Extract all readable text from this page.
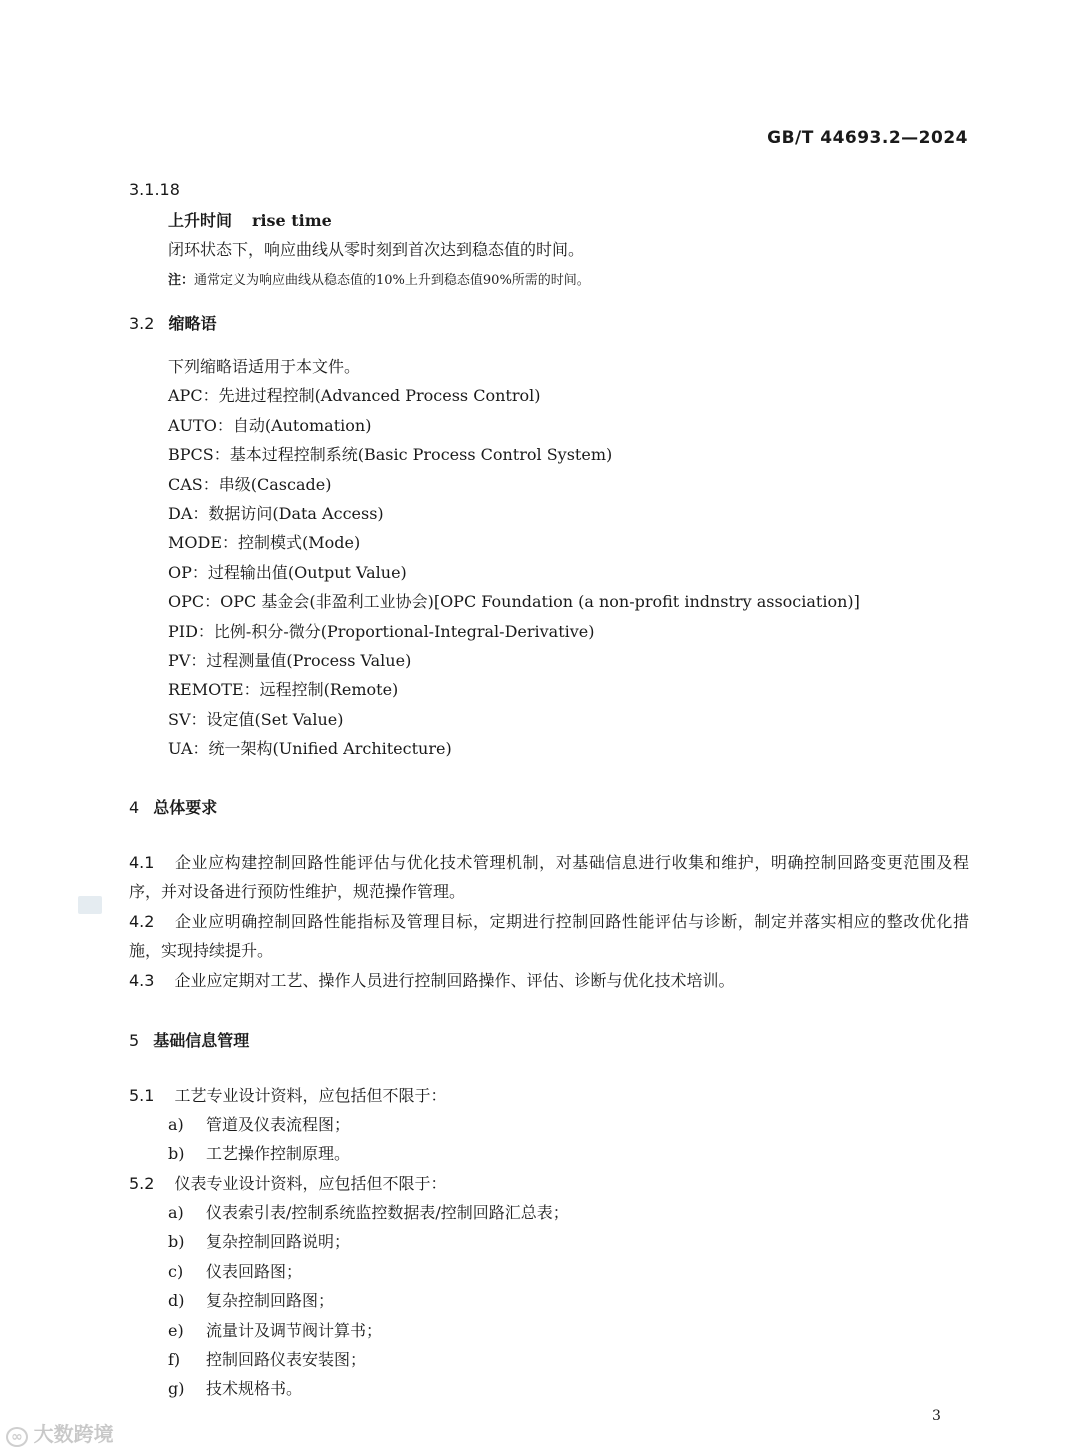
GB/T 44693.2—2024
3.1.18
上升时间 rise time
闭环状态下，响应曲线从零时刻到首次达到稳态值的时间。
注：通常定义为响应曲线从稳态值的10%上升到稳态值90%所需的时间。
3.2 缩略语
下列缩略语适用于本文件。
APC：先进过程控制(Advanced Process Control)
AUTO：自动(Automation)
BPCS：基本过程控制系统(Basic Process Control System)
CAS：串级(Cascade)
DA：数据访问(Data Access)
MODE：控制模式(Mode)
OP：过程输出值(Output Value)
OPC：OPC 基金会(非盈利工业协会)[OPC Foundation (a non-profit indnstry association)]
PID：比例-积分-微分(Proportional-Integral-Derivative)
PV：过程测量值(Process Value)
REMOTE：远程控制(Remote)
SV：设定值(Set Value)
UA：统一架构(Unified Architecture)
4 总体要求
4.1 企业应构建控制回路性能评估与优化技术管理机制，对基础信息进行收集和维护，明确控制回路变更范围及程序，并对设备进行预防性维护，规范操作管理。
4.2 企业应明确控制回路性能指标及管理目标，定期进行控制回路性能评估与诊断，制定并落实相应的整改优化措施，实现持续提升。
4.3 企业应定期对工艺、操作人员进行控制回路操作、评估、诊断与优化技术培训。
5 基础信息管理
5.1 工艺专业设计资料，应包括但不限于：
a) 管道及仪表流程图；
b) 工艺操作控制原理。
5.2 仪表专业设计资料，应包括但不限于：
a) 仪表索引表/控制系统监控数据表/控制回路汇总表；
b) 复杂控制回路说明；
c) 仪表回路图；
d) 复杂控制回路图；
e) 流量计及调节阀计算书；
f) 控制回路仪表安装图；
g) 技术规格书。
3
∞ 大数跨境
